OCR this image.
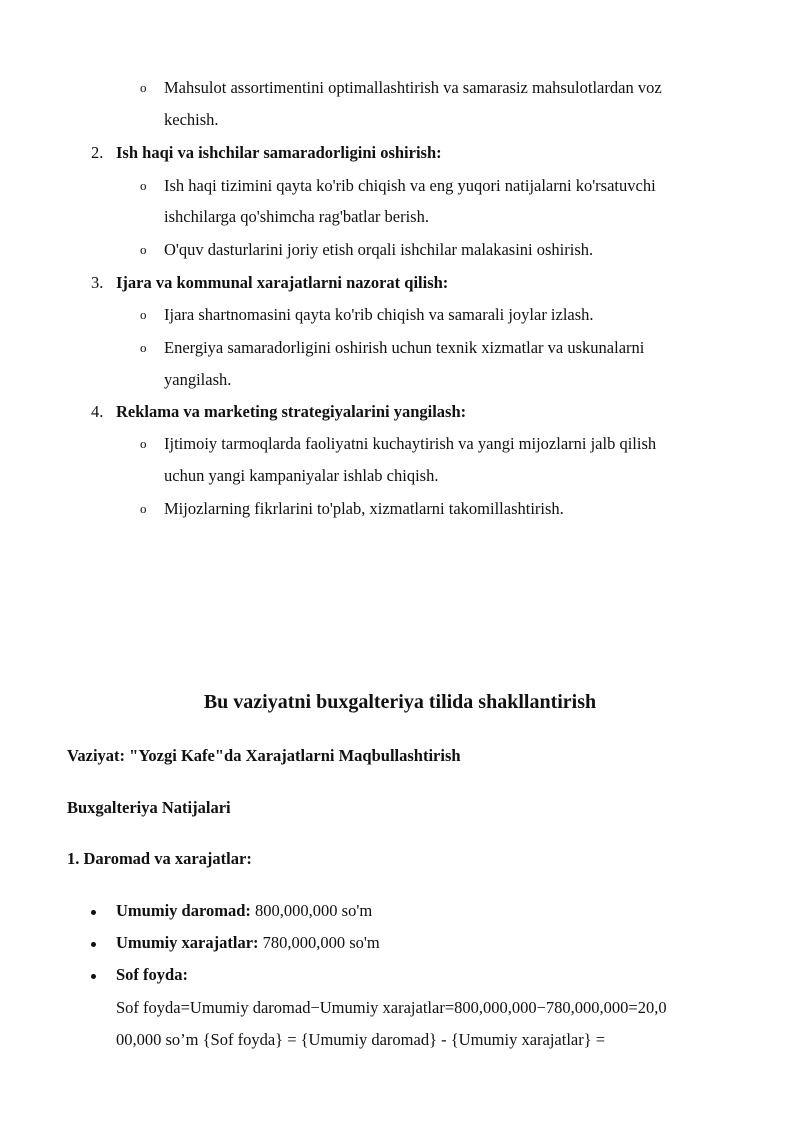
o Mahsulot assortimentini optimallashtirish va samarasiz mahsulotlardan voz
kechish.
2. Ish haqi va ishchilar samaradorligini oshirish:
o Ish haqi tizimini qayta ko'rib chiqish va eng yuqori natijalarni ko'rsatuvchi
ishchilarga qo'shimcha rag'batlar berish.
o O'quv dasturlarini joriy etish orqali ishchilar malakasini oshirish.
3. Ijara va kommunal xarajatlarni nazorat qilish:
o Ijara shartnomasini qayta ko'rib chiqish va samarali joylar izlash.
o Energiya samaradorligini oshirish uchun texnik xizmatlar va uskunalarni
yangilash.
4. Reklama va marketing strategiyalarini yangilash:
o Ijtimoiy tarmoqlarda faoliyatni kuchaytirish va yangi mijozlarni jalb qilish
uchun yangi kampaniyalar ishlab chiqish.
o Mijozlarning fikrlarini to'plab, xizmatlarni takomillashtirish.
Bu vaziyatni buxgalteriya tilida shakllantirish
Vaziyat: "Yozgi Kafe"da Xarajatlarni Maqbullashtirish
Buxgalteriya Natijalari
1. Daromad va xarajatlar:
Umumiy daromad: 800,000,000 so'm
Umumiy xarajatlar: 780,000,000 so'm
Sof foyda:
Sof foyda=Umumiy daromad−Umumiy xarajatlar=800,000,000−780,000,000=20,0
00,000 so’m {Sof foyda} = {Umumiy daromad} - {Umumiy xarajatlar} =
